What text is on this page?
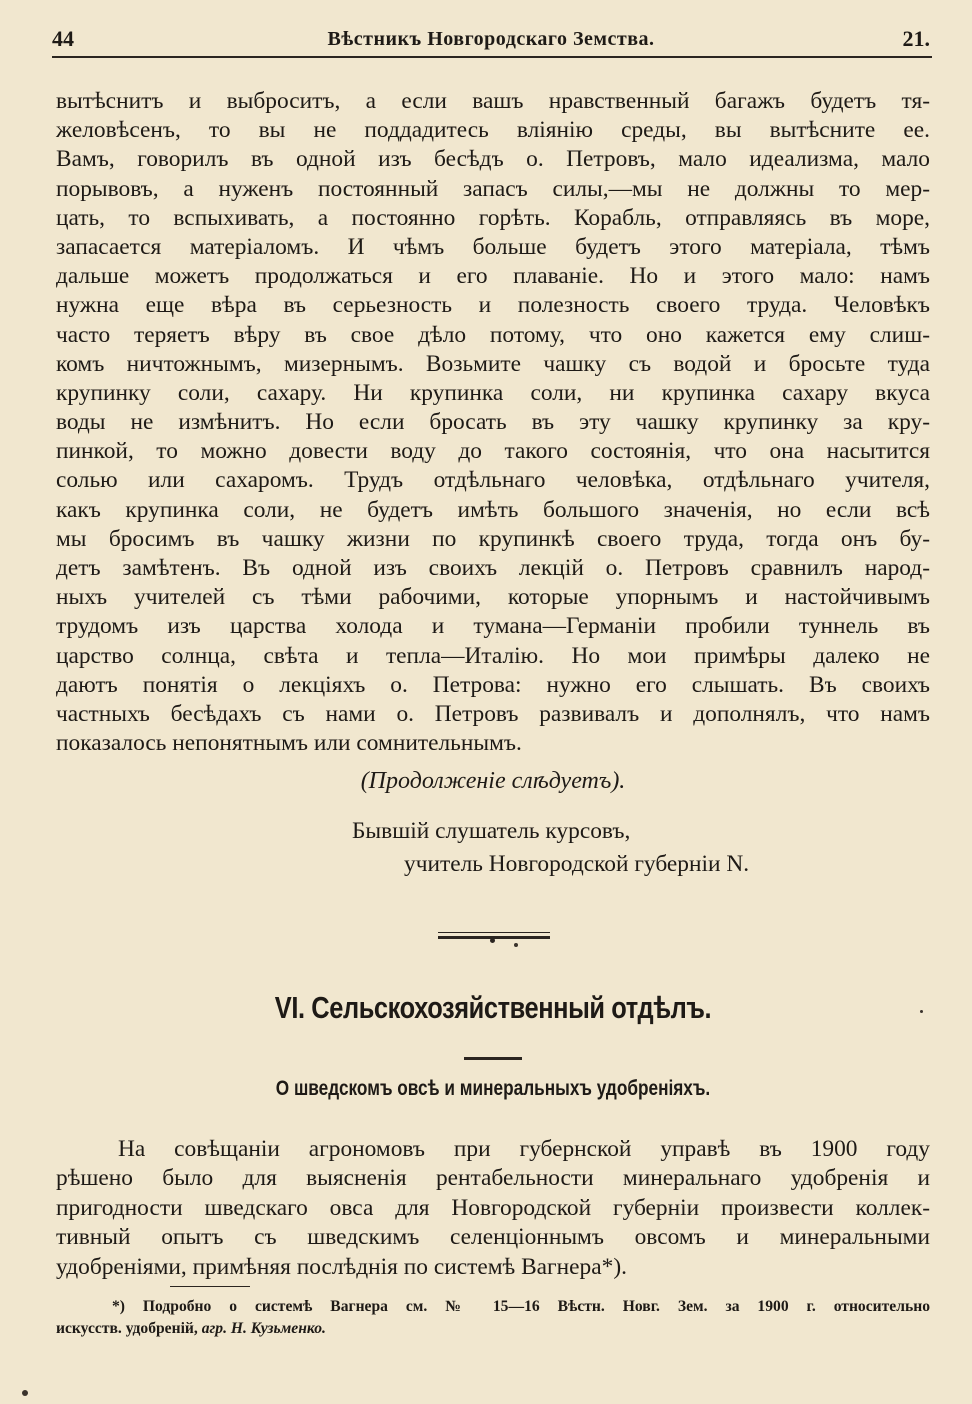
44	Вѣстникъ Новгородскаго Земства.	21.
вытѣснитъ и выброситъ, а если вашъ нравственный багажъ будетъ тя-
желовѣсенъ, то вы не поддадитесь вліянію среды, вы вытѣсните ее.
Вамъ, говорилъ въ одной изъ бесѣдъ о. Петровъ, мало идеализма, мало
порывовъ, а нуженъ постоянный запасъ силы,—мы не должны то мер-
цать, то вспыхивать, а постоянно горѣть. Корабль, отправляясь въ море,
запасается матеріаломъ. И чѣмъ больше будетъ этого матеріала, тѣмъ
дальше можетъ продолжаться и его плаваніе. Но и этого мало: намъ
нужна еще вѣра въ серьезность и полезность своего труда. Человѣкъ
часто теряетъ вѣру въ свое дѣло потому, что оно кажется ему слиш-
комъ ничтожнымъ, мизернымъ. Возьмите чашку съ водой и бросьте туда
крупинку соли, сахару. Ни крупинка соли, ни крупинка сахару вкуса
воды не измѣнитъ. Но если бросать въ эту чашку крупинку за кру-
пинкой, то можно довести воду до такого состоянія, что она насытится
солью или сахаромъ. Трудъ отдѣльнаго человѣка, отдѣльнаго учителя,
какъ крупинка соли, не будетъ имѣть большого значенія, но если всѣ
мы бросимъ въ чашку жизни по крупинкѣ своего труда, тогда онъ бу-
детъ замѣтенъ. Въ одной изъ своихъ лекцій о. Петровъ сравнилъ народ-
ныхъ учителей съ тѣми рабочими, которые упорнымъ и настойчивымъ
трудомъ изъ царства холода и тумана—Германіи пробили туннель въ
царство солнца, свѣта и тепла—Италію. Но мои примѣры далеко не
даютъ понятія о лекціяхъ о. Петрова: нужно его слышать. Въ своихъ
частныхъ бесѣдахъ съ нами о. Петровъ развивалъ и дополнялъ, что намъ
показалось непонятнымъ или сомнительнымъ.
(Продолженіе слѣдуетъ).
Бывшій слушатель курсовъ,
учитель Новгородской губерніи N.
VI. Сельскохозяйственный отдѣлъ.
О шведскомъ овсѣ и минеральныхъ удобреніяхъ.
На совѣщаніи агрономовъ при губернской управѣ въ 1900 году
рѣшено было для выясненія рентабельности минеральнаго удобренія и
пригодности шведскаго овса для Новгородской губерніи произвести коллек-
тивный опытъ съ шведскимъ селенціоннымъ овсомъ и минеральными
удобреніями, примѣняя послѣднія по системѣ Вагнера*).
*) Подробно о системѣ Вагнера см. № 15—16 Вѣстн. Новг. Зем. за 1900 г. относительно
искусств. удобреній, агр. Н. Кузьменко.
